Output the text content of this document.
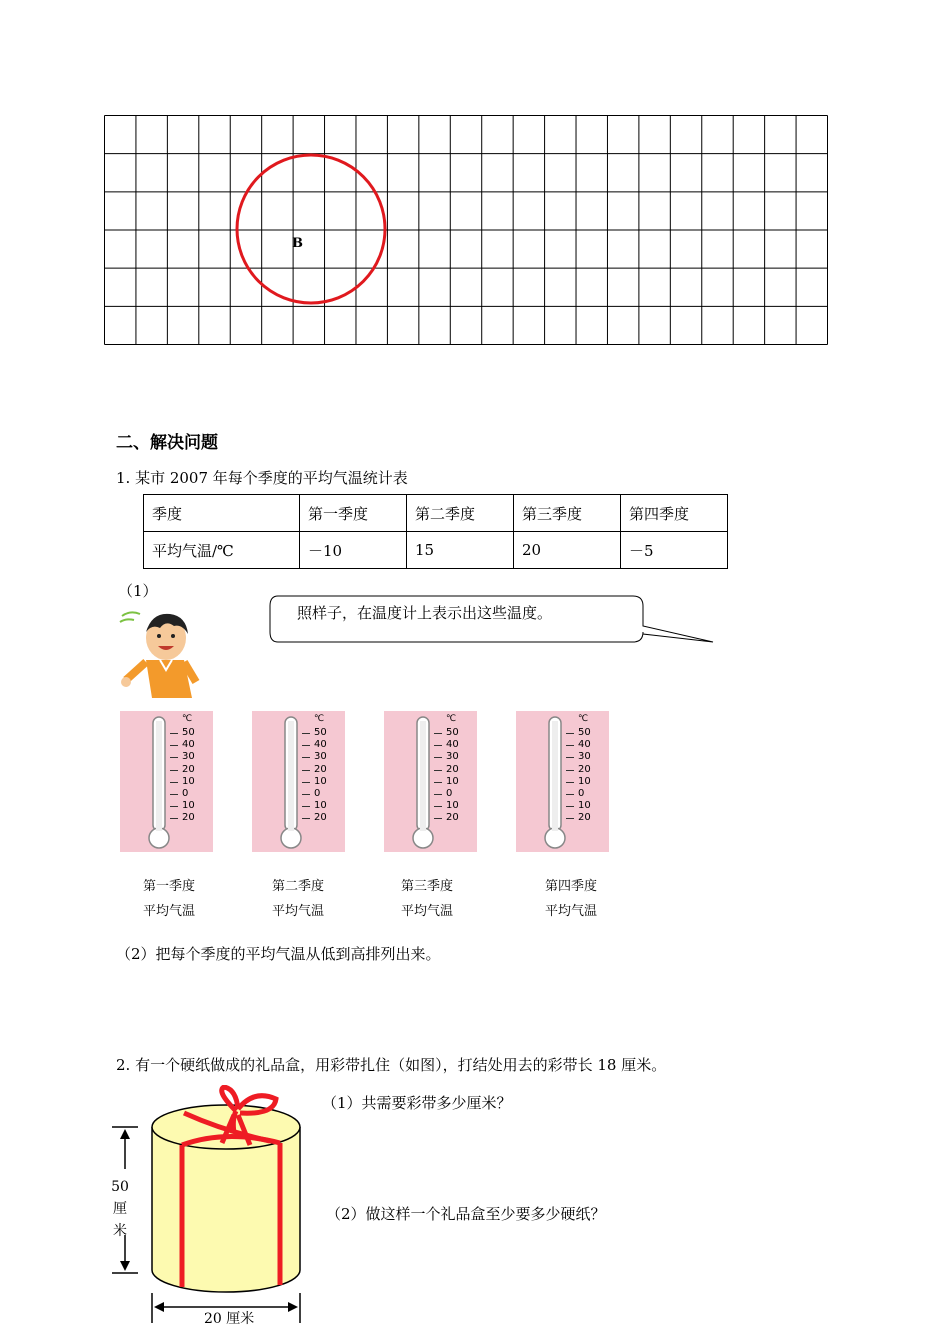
B
二、解决问题
1. 某市 2007 年每个季度的平均气温统计表
季度	第一季度	第二季度	第三季度	第四季度
平均气温/℃	－10	15	20	－5
（1）
照样子，在温度计上表示出这些温度。
℃
50
40
30
20
10
0
10
20
℃
50
40
30
20
10
0
10
20
℃
50
40
30
20
10
0
10
20
℃
50
40
30
20
10
0
10
20
第一季度
平均气温
第二季度
平均气温
第三季度
平均气温
第四季度
平均气温
（2）把每个季度的平均气温从低到高排列出来。
2. 有一个硬纸做成的礼品盒，用彩带扎住（如图），打结处用去的彩带长 18 厘米。
（1）共需要彩带多少厘米？
（2）做这样一个礼品盒至少要多少硬纸？
50
厘
米
20 厘米
